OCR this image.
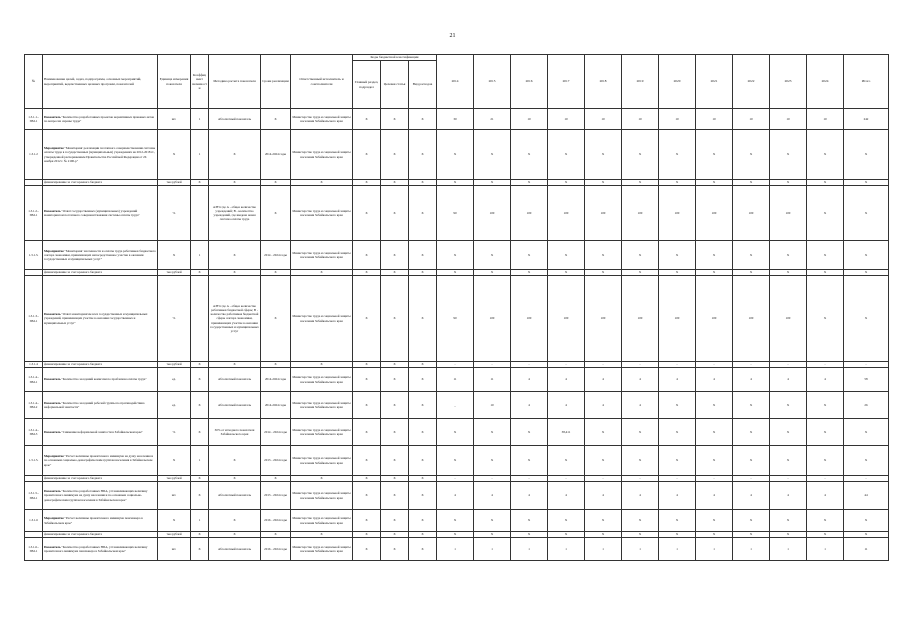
21
№	Наименование целей, задач, подпрограмм, основных мероприятий, мероприятий, ведомственных целевых программ, показателей	Единица измерения показателя	Коэффициент значимости	Методика расчета показателя	Сроки реализации	Ответственный исполнитель и соисполнители	Коды бюджетной классификации			2014	2015	2016	2017	2018	2019	2020	2021	2022	2023	2024	Итого
							Главный раздел, подраздел	Целевая статья	Вид расходов												
1.3.1.1.- ПМ-1	Показатель "Количество разработанных проектов нормативных правовых актов по вопросам охраны труда"	шт.	1	Абсолютный показатель	Х	Министерство труда и социальной защиты населения Забайкальского края	Х	Х	Х	30	21	10	10	10	10	10	10	10	10	10	242
1.3.1.2	Мероприятие "Мониторинг реализации поэтапного совершенствования системы оплаты труда в государственных (муниципальных) учреждениях на 2012-2018 гг., утвержденной распоряжением Правительства Российской Федерации от 26 ноября 2012 г. № 2190-р"	Х	1	Х	2014-2024 годы	Министерство труда и социальной защиты населения Забайкальского края	Х	Х	Х	Х	Х	Х	Х	Х	Х	Х	Х	Х	Х	Х	Х
	финансирование за счет краевого бюджета	тыс.рублей	Х	Х	Х	Х	Х	Х	Х	Х	Х	Х	Х	Х	Х	Х	Х	Х	Х	Х	Х
1.3.1.2.- ПМ-1	Показатель "Охват государственных (муниципальных) учреждений мониторингом поэтапного совершенствования системы оплаты труда"	%		А/В% где А - общее количество учреждений; В - количество учреждений, где введена новая система оплаты труда	Х	Министерство труда и социальной защиты населения Забайкальского края	Х	Х	Х	90	100	100	100	100	100	100	100	100	100	Х	Х
1.3.1.3.	Мероприятие "Мониторинг численности и оплаты труда работников бюджетного сектора экономики, принимающих непосредственное участие в оказании государственных и муниципальных услуг"	Х	1	Х	2014 - 2024 годы	Министерство труда и социальной защиты населения Забайкальского края	Х	Х	Х	Х	Х	Х	Х	Х	Х	Х	Х	Х	Х	Х	Х
	финансирование за счет краевого бюджета	тыс.рублей	Х	Х	Х	Х	Х	Х	Х	Х	Х	Х	Х	Х	Х	Х	Х	Х	Х	Х	Х
1.3.1.3.- ПМ-1	Показатель "Охват мониторингом всех государственных и муниципальных учреждений, принимающих участие в оказании государственных и муниципальных услуг"	%		А/В% где А - общее количество работников бюджетной сферы; В - количество работников бюджетной сферы сектора экономики, принимающих участие в оказании государственных и муниципальных услуг	Х	Министерство труда и социальной защиты населения Забайкальского края	Х	Х	Х	90	100	100	100	100	100	100	100	100	100	Х	Х
1.3.1.4	финансирование за счет краевого бюджета	тыс.рублей	Х	Х	Х	Х	Х	Х	Х	-	-	-	-	-	-	-	-	-	-	-	-
1.3.1.4.- ПМ-1	Показатель "Количество заседаний комиссии по проблемам оплаты труда"	ед.	Х	Абсолютный показатель	2014-2024 годы	Министерство труда и социальной защиты населения Забайкальского края	Х	Х	Х	11	11	4	4	4	4	4	4	4	4	4	58
1.3.1.4.- ПМ-2	Показатель "Количество заседаний рабочей группы по противодействию неформальной занятости"	ед.	Х	Абсолютный показатель	2014-2024 годы	Министерство труда и социальной защиты населения Забайкальского края	Х	Х	Х	_	10	4	4	4	4	Х	Х	Х	Х	Х	26
1.3.1.4.- ПМ-3	Показатель "Снижение неформальной занятости в Забайкальском крае"	%	Х	30% от исходного показателя Забайкальского края	2014 - 2024 годы	Министерство труда и социальной защиты населения Забайкальского края	Х	Х	Х	Х	Х	Х	38,411	Х	Х	Х	Х	Х	Х	Х	Х
1.3.1.5.	Мероприятие "Расчет величины прожиточного минимума на душу населения и по основным социально-демографическим группам населения в Забайкальском крае"	Х	1	Х	2013 - 2024 годы	Министерство труда и социальной защиты населения Забайкальского края	Х	Х	Х	Х	Х	Х	Х	Х	Х	Х	Х	Х	Х	Х	Х
	финансирование за счет краевого бюджета	тыс.рублей	Х	Х	Х	Х	Х	Х	Х	-	-	-	-	-	-	-	-	-	-	-	-
1.3.1.5.- ПМ-1	Показатель "Количество разработанных НПА, устанавливающих величину прожиточного минимума на душу населения и по основным социально-демографическим группам населения в Забайкальском крае"	шт.	Х	Абсолютный показатель	2013 - 2024 годы	Министерство труда и социальной защиты населения Забайкальского края	Х	Х	Х	4	4	4	4	4	4	4	4	4	4	4	44
1.3.1.6	Мероприятие "Расчет величины прожиточного минимума пенсионера в Забайкальском крае"	Х	1	Х	2016 - 2024 годы	Министерство труда и социальной защиты населения Забайкальского края	Х	Х	Х	Х	Х	Х	Х	Х	Х	Х	Х	Х	Х	Х	Х
	финансирование за счет краевого бюджета	тыс.рублей	Х	Х	Х	Х	Х	Х	Х	Х	Х	Х	Х	Х	Х	Х	Х	Х	Х	Х	Х
1.3.1.6.- ПМ-1	Показатель "Количество разработанных НПА, устанавливающих величину прожиточного минимума пенсионера в Забайкальском крае"	шт.	Х	Абсолютный показатель	2016 - 2024 годы	Министерство труда и социальной защиты населения Забайкальского края	Х	Х	Х	1	1	1	1	1	1	1	1	1	1	1	11
